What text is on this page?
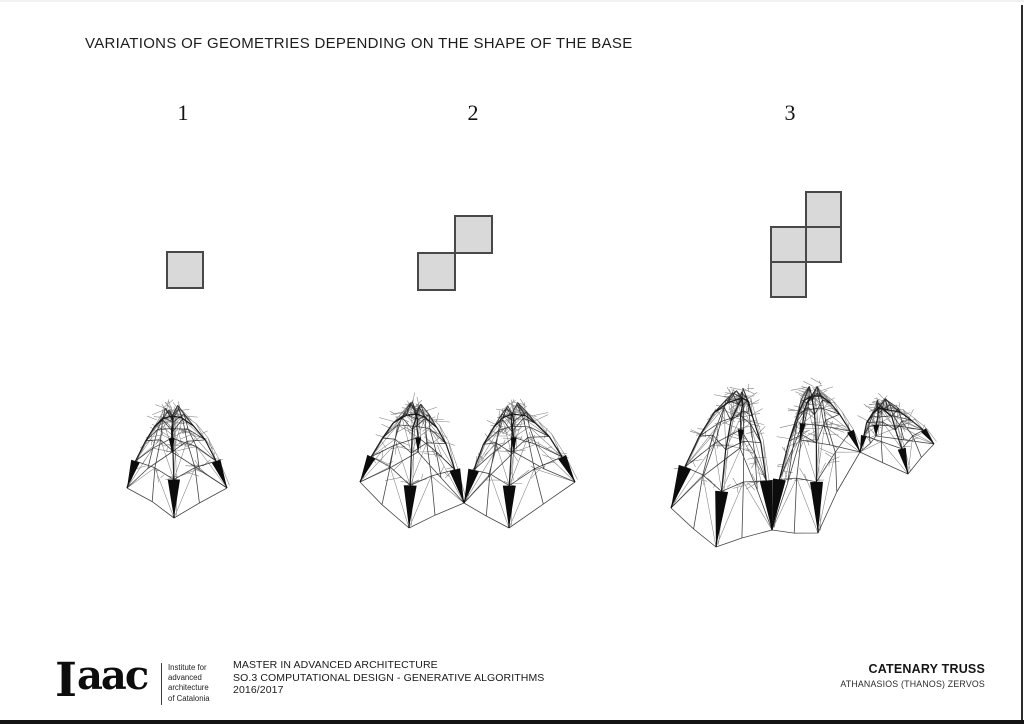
VARIATIONS OF GEOMETRIES DEPENDING ON THE SHAPE OF THE BASE
1	2	3
Iaac	Institute for
advanced
architecture
of Catalonia
MASTER IN ADVANCED ARCHITECTURE
SO.3 COMPUTATIONAL DESIGN - GENERATIVE ALGORITHMS
2016/2017
CATENARY TRUSS
ATHANASIOS (THANOS) ZERVOS
